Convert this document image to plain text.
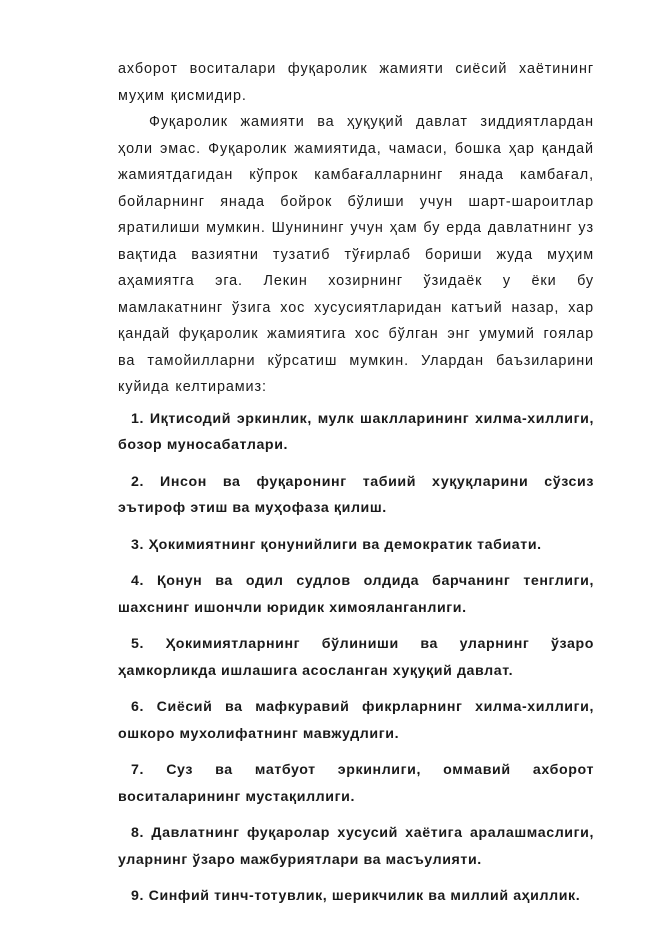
ахборот воситалари фуқаролик жамияти сиёсий хаётининг муҳим қисмидир.

Фуқаролик жамияти ва ҳуқуқий давлат зиддиятлардан ҳоли эмас. Фуқаролик жамиятида, чамаси, бошка ҳар қандай жамиятдагидан кўпрок камбағалларнинг янада камбағал, бойларнинг янада бойрок бўлиши учун шарт-шароитлар яратилиши мумкин. Шунининг учун ҳам бу ерда давлатнинг уз вақтида вазиятни тузатиб тўғирлаб бориши жуда муҳим аҳамиятга эга. Лекин хозирнинг ўзидаёк у ёки бу мамлакатнинг ўзига хос хусусиятларидан катъий назар, хар қандай фуқаролик жамиятига хос бўлган энг умумий гоялар ва тамойилларни кўрсатиш мумкин. Улардан баъзиларини куйида келтирамиз:

1. Иқтисодий эркинлик, мулк шаклларининг хилма-хиллиги, бозор муносабатлари.
2. Инсон ва фуқаронинг табиий хуқуқларини сўзсиз эътироф этиш ва муҳофаза қилиш.
3. Ҳокимиятнинг қонунийлиги ва демократик табиати.
4. Қонун ва одил судлов олдида барчанинг тенглиги, шахснинг ишончли юридик химояланганлиги.
5. Ҳокимиятларнинг бўлиниши ва уларнинг ўзаро ҳамкорликда ишлашига асосланган хуқуқий давлат.
6. Сиёсий ва мафкуравий фикрларнинг хилма-хиллиги, ошкоро мухолифатнинг мавжудлиги.
7. Суз ва матбуот эркинлиги, оммавий ахборот воситаларининг мустақиллиги.
8. Давлатнинг фуқаролар хусусий хаётига аралашмаслиги, уларнинг ўзаро мажбуриятлари ва масъулияти.
9. Синфий тинч-тотувлик, шерикчилик ва миллий аҳиллик.
